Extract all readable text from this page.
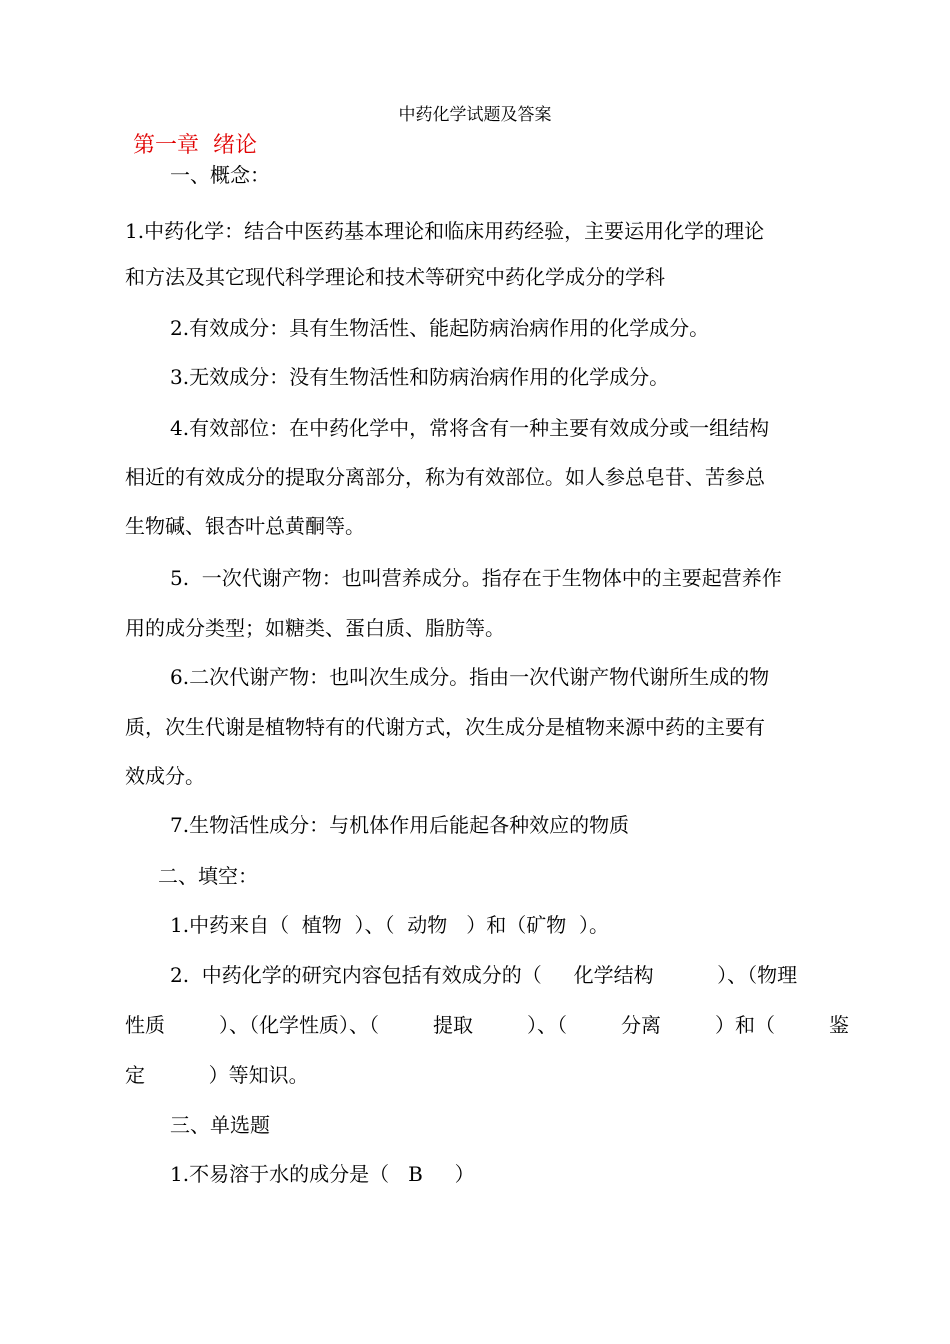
中药化学试题及答案
第一章  绪论
一、概念：
1.中药化学：结合中医药基本理论和临床用药经验，主要运用化学的理论
和方法及其它现代科学理论和技术等研究中药化学成分的学科
2.有效成分：具有生物活性、能起防病治病作用的化学成分。
3.无效成分：没有生物活性和防病治病作用的化学成分。
4.有效部位：在中药化学中，常将含有一种主要有效成分或一组结构
相近的有效成分的提取分离部分，称为有效部位。如人参总皂苷、苦参总
生物碱、银杏叶总黄酮等。
5.  一次代谢产物：也叫营养成分。指存在于生物体中的主要起营养作
用的成分类型；如糖类、蛋白质、脂肪等。
6.二次代谢产物：也叫次生成分。指由一次代谢产物代谢所生成的物
质，次生代谢是植物特有的代谢方式，次生成分是植物来源中药的主要有
效成分。
7.生物活性成分：与机体作用后能起各种效应的物质
二、填空：
1.中药来自（  植物  ）、（  动物   ）和（矿物  ）。
2.  中药化学的研究内容包括有效成分的（     化学结构          ）、（物理
性质	）、（化学性质）、（	提取	）、（	分离	）和（	鉴
定          ）等知识。
三、单选题
1.不易溶于水的成分是（   B     ）
